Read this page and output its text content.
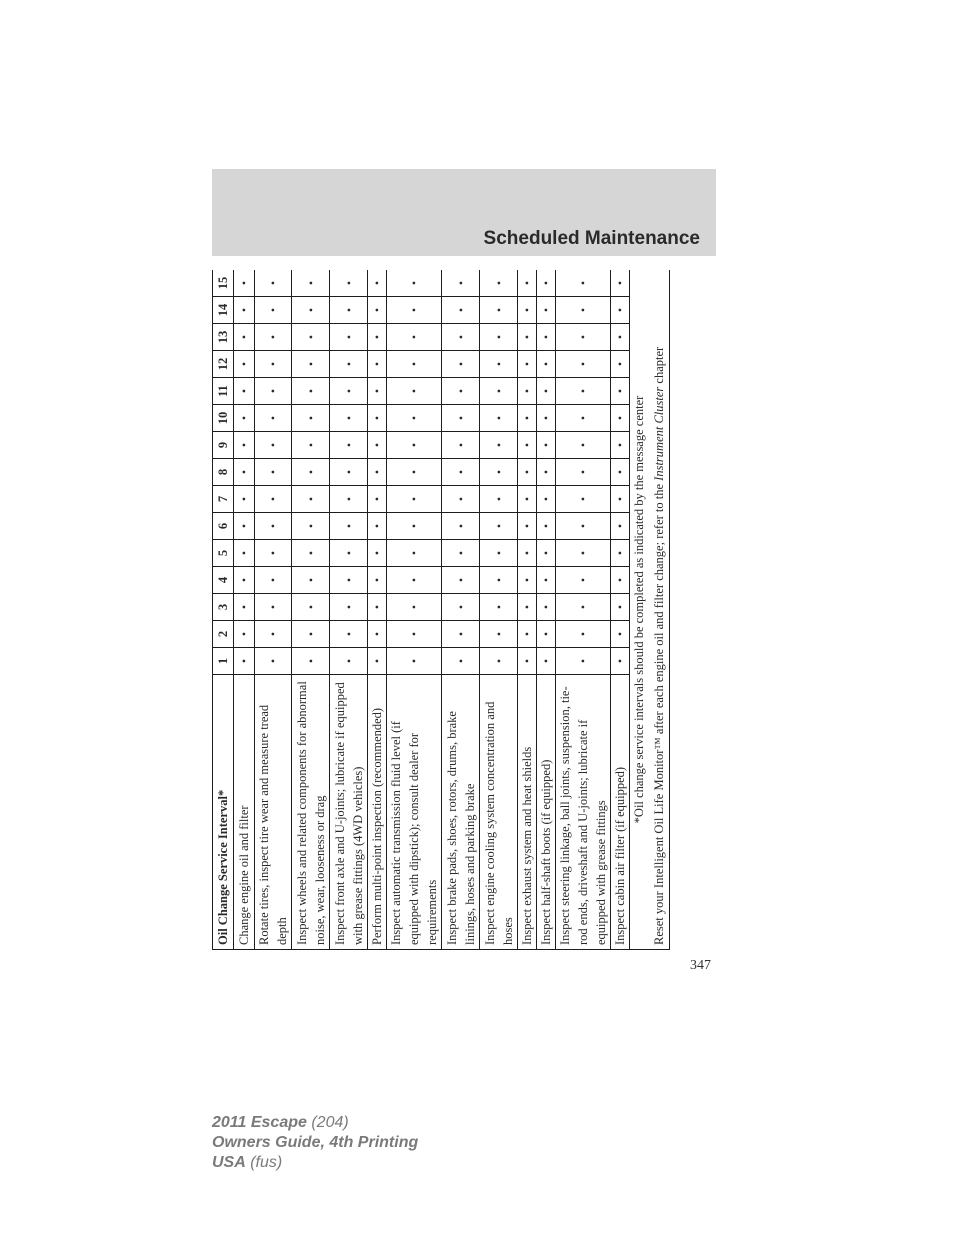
Scheduled Maintenance
Oil Change Service Interval*	1	2	3	4	5	6	7	8	9	10	11	12	13	14	15
Change engine oil and filter	•	•	•	•	•	•	•	•	•	•	•	•	•	•	•
Rotate tires, inspect tire wear and measure tread depth	•	•	•	•	•	•	•	•	•	•	•	•	•	•	•
Inspect wheels and related components for abnormal noise, wear, looseness or drag	•	•	•	•	•	•	•	•	•	•	•	•	•	•	•
Inspect front axle and U-joints; lubricate if equipped with grease fittings (4WD vehicles)	•	•	•	•	•	•	•	•	•	•	•	•	•	•	•
Perform multi-point inspection (recommended)	•	•	•	•	•	•	•	•	•	•	•	•	•	•	•
Inspect automatic transmission fluid level (if equipped with dipstick); consult dealer for requirements	•	•	•	•	•	•	•	•	•	•	•	•	•	•	•
Inspect brake pads, shoes, rotors, drums, brake linings, hoses and parking brake	•	•	•	•	•	•	•	•	•	•	•	•	•	•	•
Inspect engine cooling system concentration and hoses	•	•	•	•	•	•	•	•	•	•	•	•	•	•	•
Inspect exhaust system and heat shields	•	•	•	•	•	•	•	•	•	•	•	•	•	•	•
Inspect half-shaft boots (if equipped)	•	•	•	•	•	•	•	•	•	•	•	•	•	•	•
Inspect steering linkage, ball joints, suspension, tie-rod ends, driveshaft and U-joints; lubricate if equipped with grease fittings	•	•	•	•	•	•	•	•	•	•	•	•	•	•	•
Inspect cabin air filter (if equipped)	•	•	•	•	•	•	•	•	•	•	•	•	•	•	•
*Oil change service intervals should be completed as indicated by the message center															
Reset your Intelligent Oil Life Monitor™ after each engine oil and filter change; refer to the Instrument Cluster chapter															
347
2011 Escape (204)
Owners Guide, 4th Printing
USA (fus)
